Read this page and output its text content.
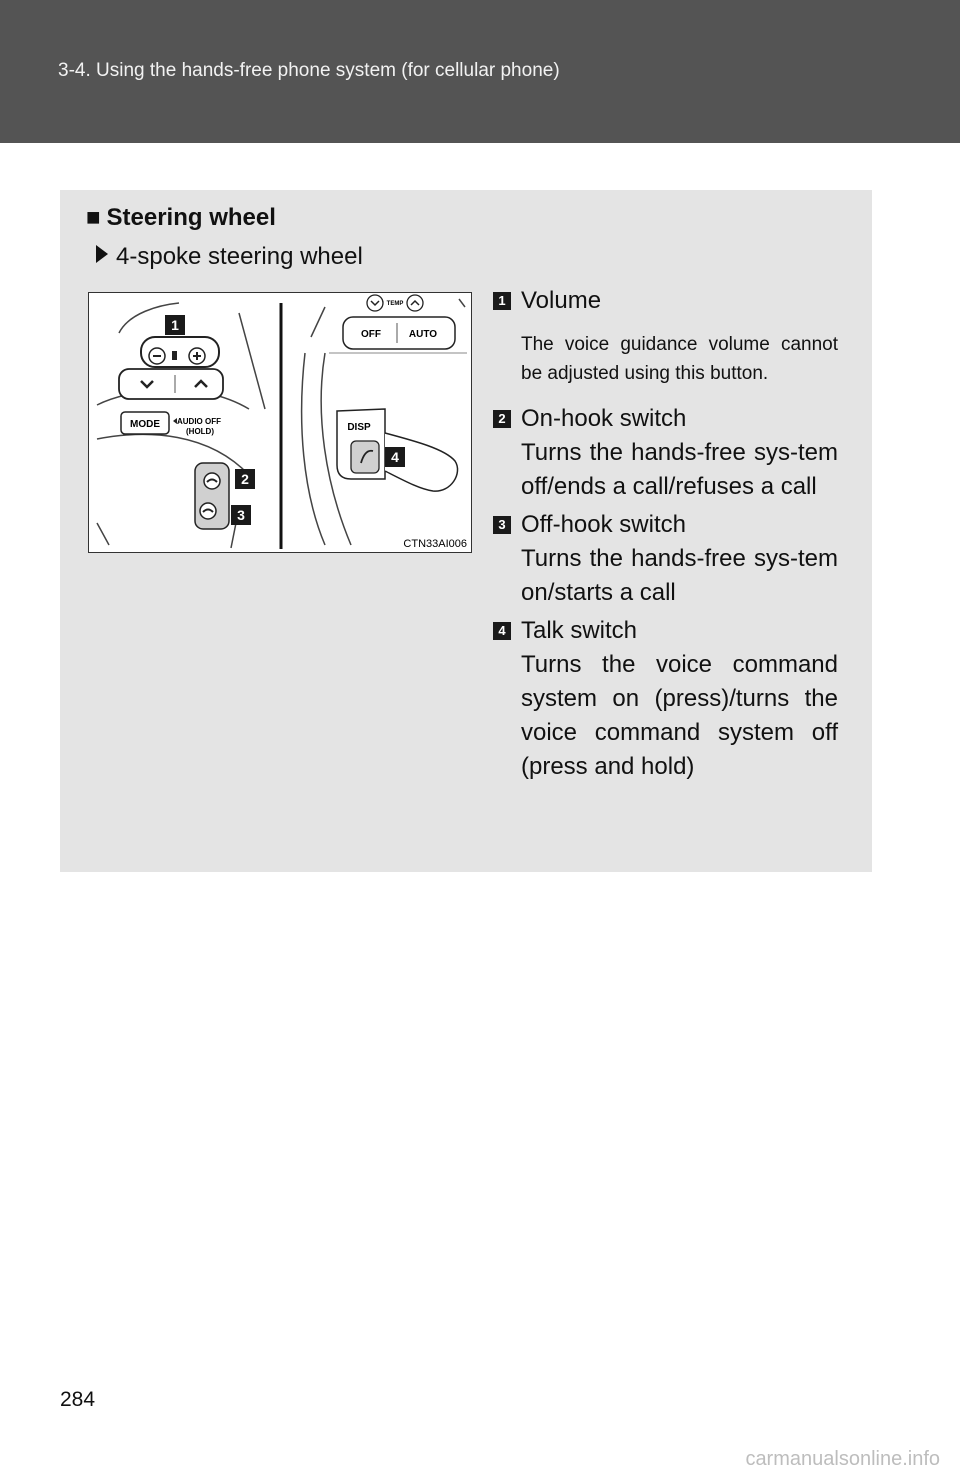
3-4. Using the hands-free phone system (for cellular phone)
■ Steering wheel
4-spoke steering wheel
MODE AUDIO OFF
(HOLD)
TEMP
OFF	AUTO
DISP
1
2
3
4
CTN33AI006
1 Volume
The voice guidance volume cannot be adjusted using this button.
2 On-hook switch
Turns the hands-free sys-tem off/ends a call/refuses a call
3 Off-hook switch
Turns the hands-free sys-tem on/starts a call
4 Talk switch
Turns the voice command system on (press)/turns the voice command system off (press and hold)
284
carmanualsonline.info
